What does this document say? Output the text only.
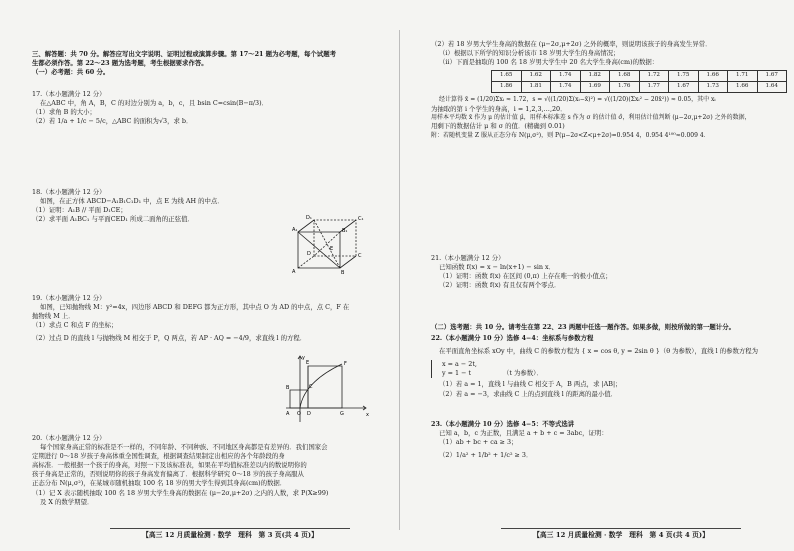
三、解答题：共 70 分。解答应写出文字说明、证明过程或演算步骤。第 17～21 题为必考题，每个试题考
生都必须作答。第 22～23 题为选考题，考生根据要求作答。
（一）必考题：共 60 分。
17.（本小题满分 12 分）
在△ABC 中，角 A，B，C 的对边分别为 a，b，c，且 bsin C=csin(B−π/3)．
（1）求角 B 的大小；
（2）若 1/a + 1/c − 5/c，△ABC 的面积为√3，求 b．
18.（本小题满分 12 分）
如图，在正方体 ABCD−A₁B₁C₁D₁ 中，点 E 为线 AH 的中点．
（1）证明：A₁B // 平面 D₁CE；
（2）求平面 A₁BC₁ 与平面CED₁ 所成二面角的正弦值．	D₁	C₁
A₁	B₁
D	C
A	B
E
19.（本小题满分 12 分）
如图，已知抛物线 M：y²=4x，四边形 ABCD 和 DEFG 都为正方形，其中点 O 为 AD 的中点，点 C，F 在
抛物线 M 上．
（1）求点 C 和点 F 的坐标；
（2）过点 D 的直线 l 与抛物线 M 相交于 P，Q 两点，若 AP · AQ = −4/9，求直线 l 的方程．
y
x
B	C
F
E
A O D	G
20.（本小题满分 12 分）
每个国家身高正常的标准是不一样的，不同年龄、不同种族、不同地区身高都是有差异的．我们国家会
定期进行 0～18 岁孩子身高体重全国性调查，根据调查结果制定出相应的各个年龄段的身
高标准．一般根据一个孩子的身高，对照一下及该标准表，如果在平均值标准差以内的数说明你的
孩子身高是正常的，否则说明你的孩子身高发育偏离了．根据科学研究 0～18 岁的孩子身高服从
正态分布 N(μ,σ²)，在某城市随机抽取 100 名 18 岁的男大学生得到其身高(cm)的数据．
（1）记 X 表示随机抽取 100 名 18 岁男大学生身高的数据在 (μ−2σ,μ+2σ) 之内的人数，求 P(X≥99)
及 X 的数学期望．
【高三 12 月质量检测 · 数学　理科　第 3 页(共 4 页)】
（2）若 18 岁男大学生身高的数据在 (μ−2σ,μ+2σ) 之外的概率，则说明该孩子的身高发生异常．
（i）根据以下所学的知识分析该市 18 岁男大学生的身高情况；
（ii）下面是抽取的 100 名 18 岁男大学生中 20 名大学生身高(cm)的数据：
1.65	1.62	1.74	1.82	1.68	1.72	1.75	1.66	1.71	1.67
1.86	1.81	1.74	1.69	1.76	1.77	1.67	1.73	1.66	1.64
经计算得 x̄ = (1/20)Σxᵢ ≈ 1.72，s = √((1/20)Σ(xᵢ−x̄)²) = √((1/20)(Σxᵢ² − 20x̄²)) ≈ 0.05，其中 xᵢ
为抽取的第 i 个学生的身高，i = 1,2,3,…,20．
用样本平均数 x̄ 作为 μ 的估计值 μ̂，用样本标准差 s 作为 σ 的估计值 σ̂，利用估计值判断 (μ−2σ,μ+2σ) 之外的数据，
用剩下的数据估计 μ 和 σ 的值．(精确到 0.01)
附：若随机变量 Z 服从正态分布 N(μ,σ²)，则 P(μ−2σ<Z<μ+2σ)=0.954 4，0.954 4¹⁰⁰≈0.009 4．
21.（本小题满分 12 分）
已知函数 f(x) = x − ln(x+1) − sin x．
（1）证明：函数 f(x) 在区间 (0,π) 上存在唯一的极小值点；
（2）证明：函数 f(x) 有且仅有两个零点．
（二）选考题：共 10 分。请考生在第 22、23 两题中任选一题作答。如果多做，则按所做的第一题计分。
22.（本小题满分 10 分）选修 4−4：坐标系与参数方程
在平面直角坐标系 xOy 中，曲线 C 的参数方程为 { x = cos θ, y = 2sin θ }（θ 为参数），直线 l 的参数方程为
x = a − 2t,
y = 1 − t	（t 为参数）．
（1）若 a = 1，直线 l 与曲线 C 相交于 A，B 两点，求 |AB|；
（2）若 a = −3，求曲线 C 上的点到直线 l 的距离的最小值．
23.（本小题满分 10 分）选修 4−5：不等式选讲
已知 a，b，c 为正数，且满足 a + b + c = 3abc，证明：
（1）ab + bc + ca ≥ 3；
（2）1/a² + 1/b² + 1/c² ≥ 3．
【高三 12 月质量检测 · 数学　理科　第 4 页(共 4 页)】
